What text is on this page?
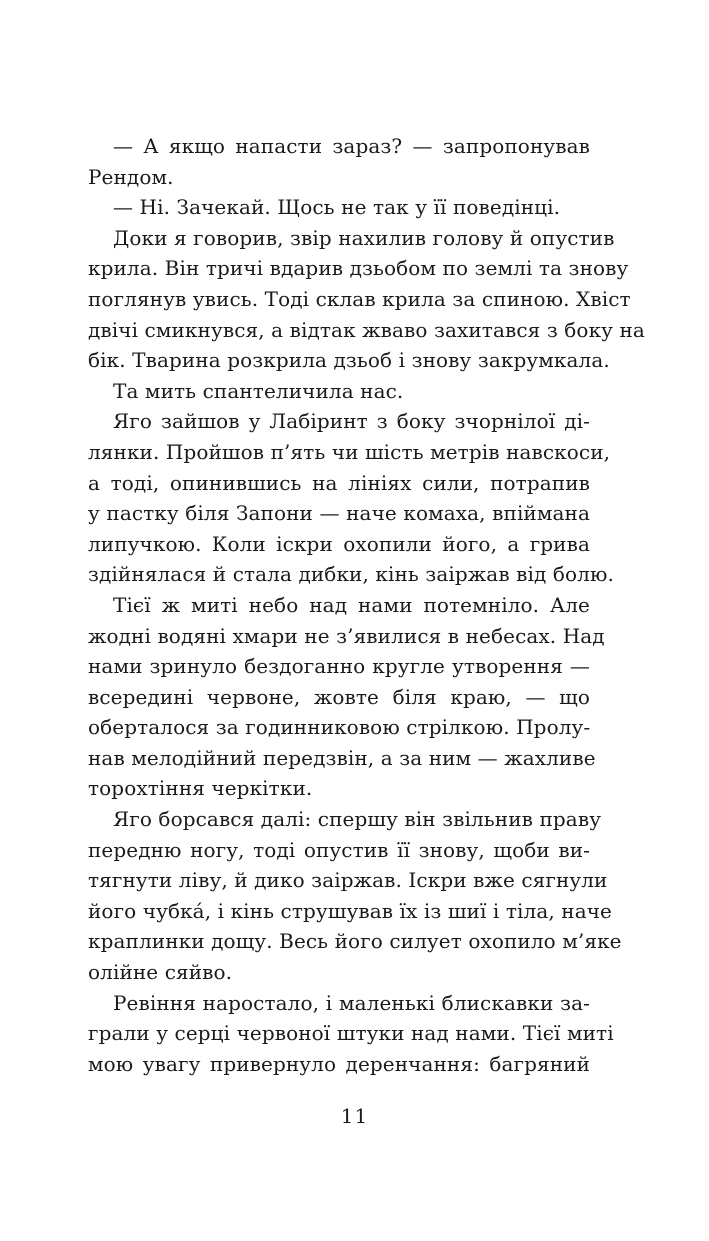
— А якщо напасти зараз? — запропонував
Рендом.
— Ні. Зачекай. Щось не так у її поведінці.
Доки я говорив, звір нахилив голову й опустив
крила. Він тричі вдарив дзьобом по землі та знову
поглянув увись. Тоді склав крила за спиною. Хвіст
двічі смикнувся, а відтак жваво захитався з боку на
бік. Тварина розкрила дзьоб і знову закрумкала.
Та мить спантеличила нас.
Яго зайшов у Лабіринт з боку зчорнілої ді-
лянки. Пройшов п’ять чи шість метрів навскоси,
а тоді, опинившись на лініях сили, потрапив
у пастку біля Запони — наче комаха, впіймана
липучкою. Коли іскри охопили його, а грива
здійнялася й стала дибки, кінь заіржав від болю.
Тієї ж миті небо над нами потемніло. Але
жодні водяні хмари не з’явилися в небесах. Над
нами зринуло бездоганно кругле утворення —
всередині червоне, жовте біля краю, — що
оберталося за годинниковою стрілкою. Пролу-
нав мелодійний передзвін, а за ним — жахливе
торохтіння черкітки.
Яго борсався далі: спершу він звільнив праву
передню ногу, тоді опустив її знову, щоби ви-
тягнути ліву, й дико заіржав. Іскри вже сягнули
його чубка́, і кінь струшував їх із шиї і тіла, наче
краплинки дощу. Весь його силует охопило м’яке
олійне сяйво.
Ревіння наростало, і маленькі блискавки за-
грали у серці червоної штуки над нами. Тієї миті
мою увагу привернуло деренчання: багряний
11
